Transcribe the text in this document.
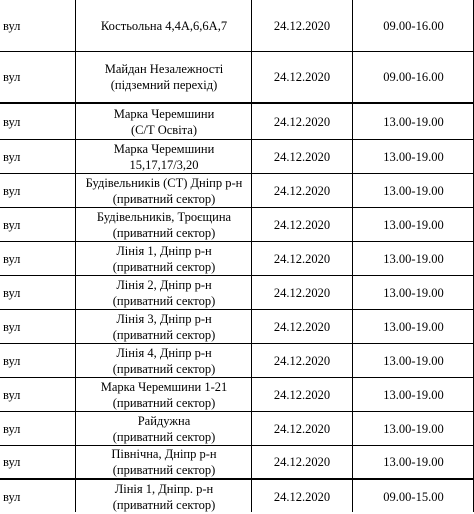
вул	Костьольна 4,4А,6,6А,7	24.12.2020	09.00-16.00
вул
Майдан Незалежності
(підземний перехід)
24.12.2020	09.00-16.00
вул
Марка Черемшини
(С/Т Освіта)
24.12.2020	13.00-19.00
вул
Марка Черемшини
15,17,17/3,20
24.12.2020	13.00-19.00
вул
Будівельників (СТ) Дніпр р-н
(приватний сектор)
24.12.2020	13.00-19.00
вул
Будівельників, Троєщина
(приватний сектор)
24.12.2020	13.00-19.00
вул
Лінія 1, Дніпр р-н
(приватний сектор)
24.12.2020	13.00-19.00
вул
Лінія 2, Дніпр р-н
(приватний сектор)
24.12.2020	13.00-19.00
вул
Лінія 3, Дніпр р-н
(приватний сектор)
24.12.2020	13.00-19.00
вул
Лінія 4, Дніпр р-н
(приватний сектор)
24.12.2020	13.00-19.00
вул
Марка Черемшини 1-21
(приватний сектор)
24.12.2020	13.00-19.00
вул
Райдужна
(приватний сектор)
24.12.2020	13.00-19.00
вул
Північна, Дніпр р-н
(приватний сектор)
24.12.2020	13.00-19.00
вул
Лінія 1, Дніпр. р-н
(приватний сектор)
24.12.2020	09.00-15.00
